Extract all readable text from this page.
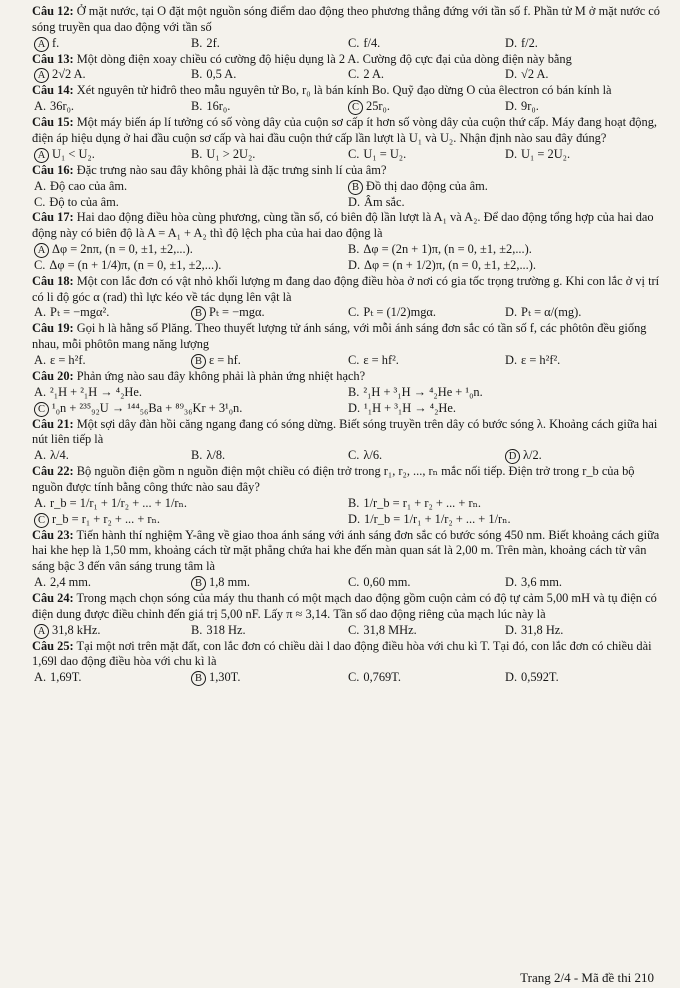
Câu 12: Ở mặt nước, tại O đặt một nguồn sóng điểm dao động theo phương thẳng đứng với tần số f. Phần tử M ở mặt nước có sóng truyền qua dao động với tần số

A f.	B. 2f.	C. f/4.	D. f/2.

Câu 13: Một dòng điện xoay chiều có cường độ hiệu dụng là 2 A. Cường độ cực đại của dòng điện này bằng

A 2√2 A.	B. 0,5 A.	C. 2 A.	D. √2 A.

Câu 14: Xét nguyên tử hiđrô theo mẫu nguyên tử Bo, r₀ là bán kính Bo. Quỹ đạo dừng O của êlectron có bán kính là

A. 36r₀.	B. 16r₀.	C 25r₀.	D. 9r₀.

Câu 15: Một máy biến áp lí tưởng có số vòng dây của cuộn sơ cấp ít hơn số vòng dây của cuộn thứ cấp. Máy đang hoạt động, điện áp hiệu dụng ở hai đầu cuộn sơ cấp và hai đầu cuộn thứ cấp lần lượt là U₁ và U₂. Nhận định nào sau đây đúng?

A U₁ < U₂.	B. U₁ > 2U₂.	C. U₁ = U₂.	D. U₁ = 2U₂.

Câu 16: Đặc trưng nào sau đây không phải là đặc trưng sinh lí của âm?

A. Độ cao của âm.	B Đồ thị dao động của âm.
C. Độ to của âm.	D. Âm sắc.

Câu 17: Hai dao động điều hòa cùng phương, cùng tần số, có biên độ lần lượt là A₁ và A₂. Để dao động tổng hợp của hai dao động này có biên độ là A = A₁ + A₂ thì độ lệch pha của hai dao động là

A Δφ = 2nπ, (n = 0, ±1, ±2,...).	B. Δφ = (2n + 1)π, (n = 0, ±1, ±2,...).
C. Δφ = (n + 1/4)π, (n = 0, ±1, ±2,...).	D. Δφ = (n + 1/2)π, (n = 0, ±1, ±2,...).

Câu 18: Một con lắc đơn có vật nhỏ khối lượng m đang dao động điều hòa ở nơi có gia tốc trọng trường g. Khi con lắc ở vị trí có li độ góc α (rad) thì lực kéo về tác dụng lên vật là

A. Pₜ = −mgα².	B Pₜ = −mgα.	C. Pₜ = (1/2)mgα.	D. Pₜ = α/(mg).

Câu 19: Gọi h là hằng số Plăng. Theo thuyết lượng tử ánh sáng, với mỗi ánh sáng đơn sắc có tần số f, các phôtôn đều giống nhau, mỗi phôtôn mang năng lượng

A. ε = h²f.	B ε = hf.	C. ε = hf².	D. ε = h²f².

Câu 20: Phản ứng nào sau đây không phải là phản ứng nhiệt hạch?

A. ²₁H + ²₁H → ⁴₂He.	B. ²₁H + ³₁H → ⁴₂He + ¹₀n.
C ¹₀n + ²³⁵₉₂U → ¹⁴⁴₅₆Ba + ⁸⁹₃₆Kr + 3¹₀n.	D. ¹₁H + ³₁H → ⁴₂He.

Câu 21: Một sợi dây đàn hồi căng ngang đang có sóng dừng. Biết sóng truyền trên dây có bước sóng λ. Khoảng cách giữa hai nút liên tiếp là

A. λ/4.	B. λ/8.	C. λ/6.	D λ/2.

Câu 22: Bộ nguồn điện gồm n nguồn điện một chiều có điện trở trong r₁, r₂, ..., rₙ mắc nối tiếp. Điện trở trong r_b của bộ nguồn được tính bằng công thức nào sau đây?

A. r_b = 1/r₁ + 1/r₂ + ... + 1/rₙ.	B. 1/r_b = r₁ + r₂ + ... + rₙ.
C r_b = r₁ + r₂ + ... + rₙ.	D. 1/r_b = 1/r₁ + 1/r₂ + ... + 1/rₙ.

Câu 23: Tiến hành thí nghiệm Y-âng về giao thoa ánh sáng với ánh sáng đơn sắc có bước sóng 450 nm. Biết khoảng cách giữa hai khe hẹp là 1,50 mm, khoảng cách từ mặt phẳng chứa hai khe đến màn quan sát là 2,00 m. Trên màn, khoảng cách từ vân sáng bậc 3 đến vân sáng trung tâm là

A. 2,4 mm.	B 1,8 mm.	C. 0,60 mm.	D. 3,6 mm.

Câu 24: Trong mạch chọn sóng của máy thu thanh có một mạch dao động gồm cuộn cảm có độ tự cảm 5,00 mH và tụ điện có điện dung được điều chỉnh đến giá trị 5,00 nF. Lấy π ≈ 3,14. Tần số dao động riêng của mạch lúc này là

A 31,8 kHz.	B. 318 Hz.	C. 31,8 MHz.	D. 31,8 Hz.

Câu 25: Tại một nơi trên mặt đất, con lắc đơn có chiều dài l dao động điều hòa với chu kì T. Tại đó, con lắc đơn có chiều dài 1,69l dao động điều hòa với chu kì là

A. 1,69T.	B 1,30T.	C. 0,769T.	D. 0,592T.
Trang 2/4 - Mã đề thi 210
